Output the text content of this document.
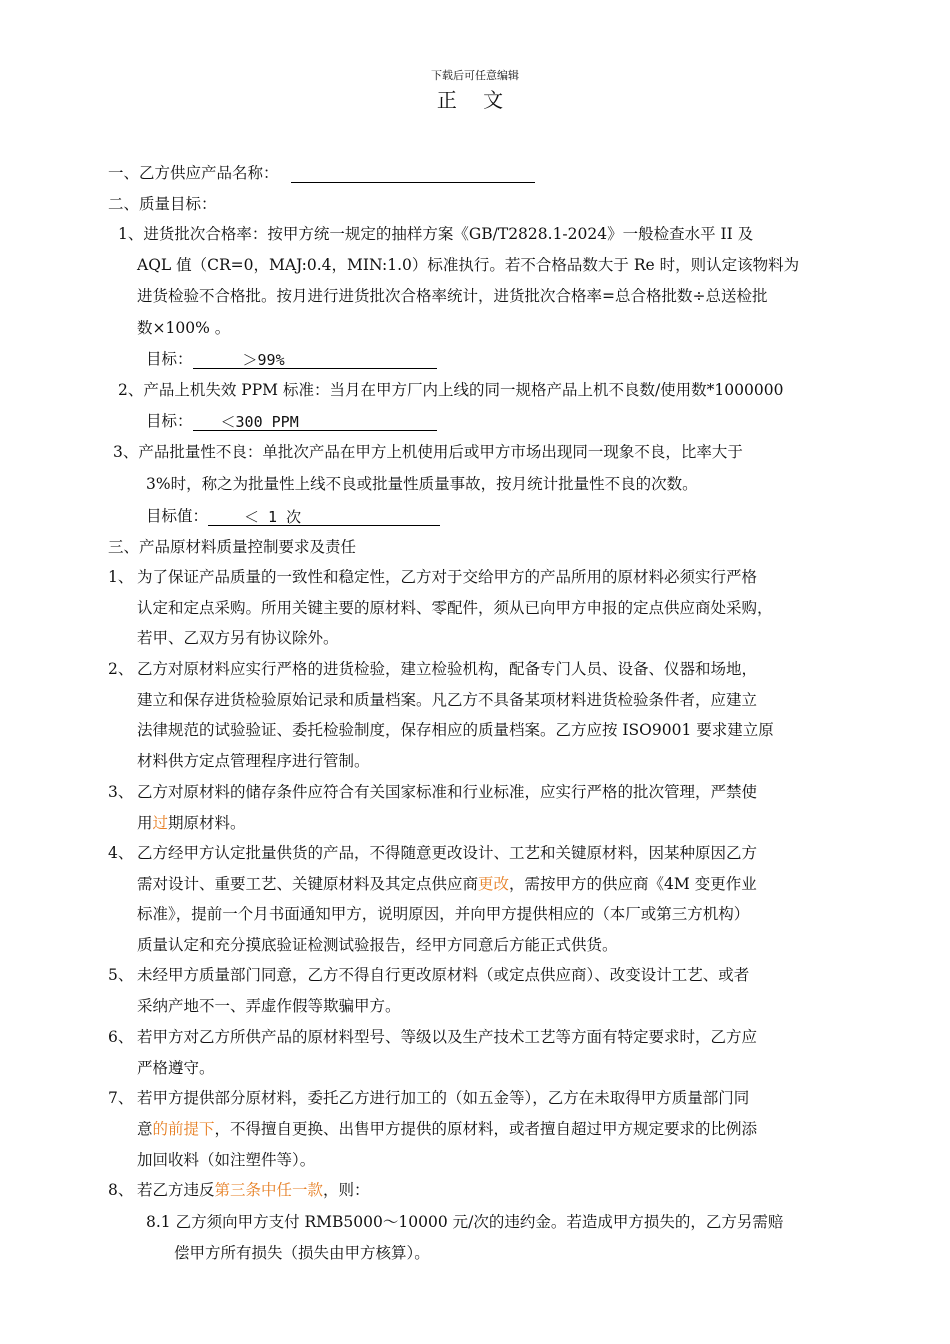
下载后可任意编辑
正 文
一、乙方供应产品名称：
二、质量目标：
1、进货批次合格率：按甲方统一规定的抽样方案《GB/T2828.1-2024》一般检查水平 II 及
AQL 值（CR=0，MAJ:0.4，MIN:1.0）标准执行。若不合格品数大于 Re 时，则认定该物料为
进货检验不合格批。按月进行进货批次合格率统计，进货批次合格率=总合格批数÷总送检批
数×100% 。
目标：	＞99%
2、产品上机失效 PPM 标准：当月在甲方厂内上线的同一规格产品上机不良数/使用数*1000000
目标： ＜300 PPM
3、产品批量性不良：单批次产品在甲方上机使用后或甲方市场出现同一现象不良，比率大于
3%时，称之为批量性上线不良或批量性质量事故，按月统计批量性不良的次数。
目标值： ＜ 1 次
三、产品原材料质量控制要求及责任
1、 为了保证产品质量的一致性和稳定性，乙方对于交给甲方的产品所用的原材料必须实行严格
认定和定点采购。所用关键主要的原材料、零配件，须从已向甲方申报的定点供应商处采购，
若甲、乙双方另有协议除外。
2、 乙方对原材料应实行严格的进货检验，建立检验机构，配备专门人员、设备、仪器和场地，
建立和保存进货检验原始记录和质量档案。凡乙方不具备某项材料进货检验条件者，应建立
法律规范的试验验证、委托检验制度，保存相应的质量档案。乙方应按 ISO9001 要求建立原
材料供方定点管理程序进行管制。
3、 乙方对原材料的储存条件应符合有关国家标准和行业标准，应实行严格的批次管理，严禁使
用过期原材料。
4、 乙方经甲方认定批量供货的产品，不得随意更改设计、工艺和关键原材料，因某种原因乙方
需对设计、重要工艺、关键原材料及其定点供应商更改，需按甲方的供应商《4M 变更作业
标准》，提前一个月书面通知甲方，说明原因，并向甲方提供相应的（本厂或第三方机构）
质量认定和充分摸底验证检测试验报告，经甲方同意后方能正式供货。
5、 未经甲方质量部门同意，乙方不得自行更改原材料（或定点供应商）、改变设计工艺、或者
采纳产地不一、弄虚作假等欺骗甲方。
6、 若甲方对乙方所供产品的原材料型号、等级以及生产技术工艺等方面有特定要求时，乙方应
严格遵守。
7、 若甲方提供部分原材料，委托乙方进行加工的（如五金等），乙方在未取得甲方质量部门同
意的前提下，不得擅自更换、出售甲方提供的原材料，或者擅自超过甲方规定要求的比例添
加回收料（如注塑件等）。
8、 若乙方违反第三条中任一款，则：
8.1 乙方须向甲方支付 RMB5000～10000 元/次的违约金。若造成甲方损失的，乙方另需赔
偿甲方所有损失（损失由甲方核算）。
